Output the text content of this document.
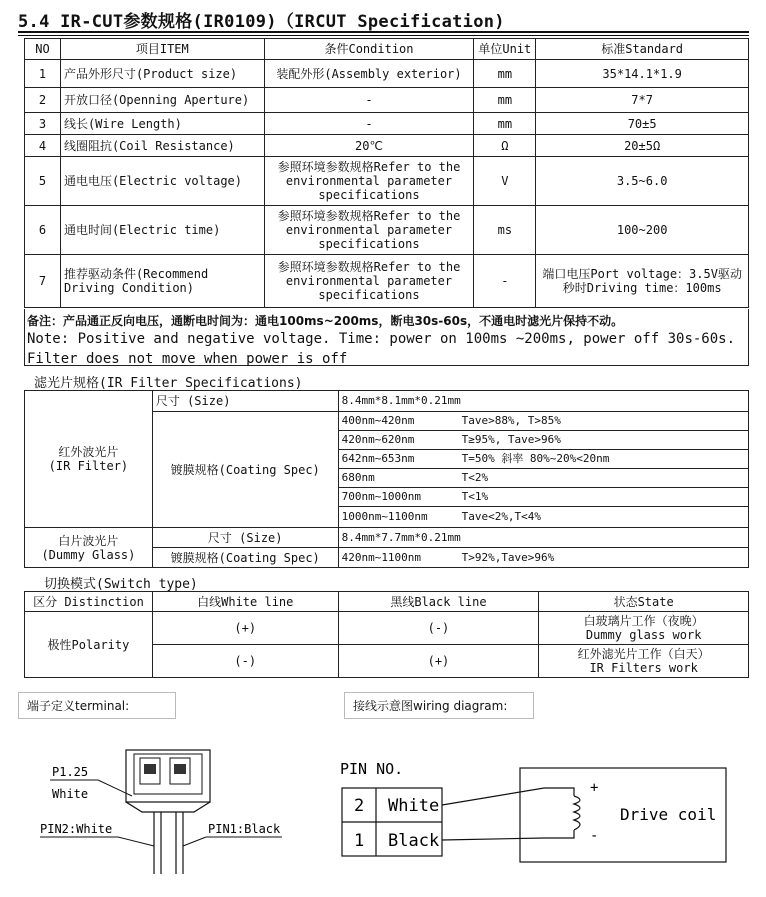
5.4 IR-CUT参数规格(IR0109)（IRCUT Specification)
NO	项目ITEM	条件Condition	单位Unit	标准Standard
1	产品外形尺寸(Product size)	装配外形(Assembly exterior)	mm	35*14.1*1.9
2	开放口径(Openning Aperture)	-	mm	7*7
3	线长(Wire Length)	-	mm	70±5
4	线圈阻抗(Coil Resistance)	20℃	Ω	20±5Ω
5	通电电压(Electric voltage)	参照环境参数规格Refer to the environmental parameter specifications	V	3.5~6.0
6	通电时间(Electric time)	参照环境参数规格Refer to the environmental parameter specifications	ms	100~200
7	推荐驱动条件(Recommend Driving Condition)	参照环境参数规格Refer to the environmental parameter specifications	-	端口电压Port voltage：3.5V驱动秒时Driving time：100ms
备注：产品通正反向电压，通断电时间为：通电100ms~200ms，断电30s-60s，不通电时滤光片保持不动。
Note: Positive and negative voltage. Time: power on 100ms ~200ms, power off 30s-60s.
Filter does not move when power is off
滤光片规格(IR Filter Specifications)
红外波光片
(IR Filter)	尺寸 (Size)	8.4mm*8.1mm*0.21mm
	镀膜规格(Coating Spec)	400nm~420nm Tave>88%, T>85%
		420nm~620nm T≥95%, Tave>96%
		642nm~653nm T=50% 斜率 80%~20%<20nm
		680nm T<2%
		700nm~1000nm T<1%
		1000nm~1100nm Tave<2%,T<4%

白片波光片
(Dummy Glass)	尺寸 (Size)	8.4mm*7.7mm*0.21mm
	镀膜规格(Coating Spec)	420nm~1100nm T>92%,Tave>96%
切换模式(Switch type)
区分 Distinction	白线White line	黑线Black line	状态State
极性Polarity	(+)	(-)	白玻璃片工作（夜晚）
Dummy glass work

	(-)	(+)	红外滤光片工作（白天）
IR Filters work
端子定义terminal:	接线示意图wiring diagram:
P1.25
White
PIN2:White	PIN1:Black
PIN NO.
2 White
1 Black
Drive coil
+
-
